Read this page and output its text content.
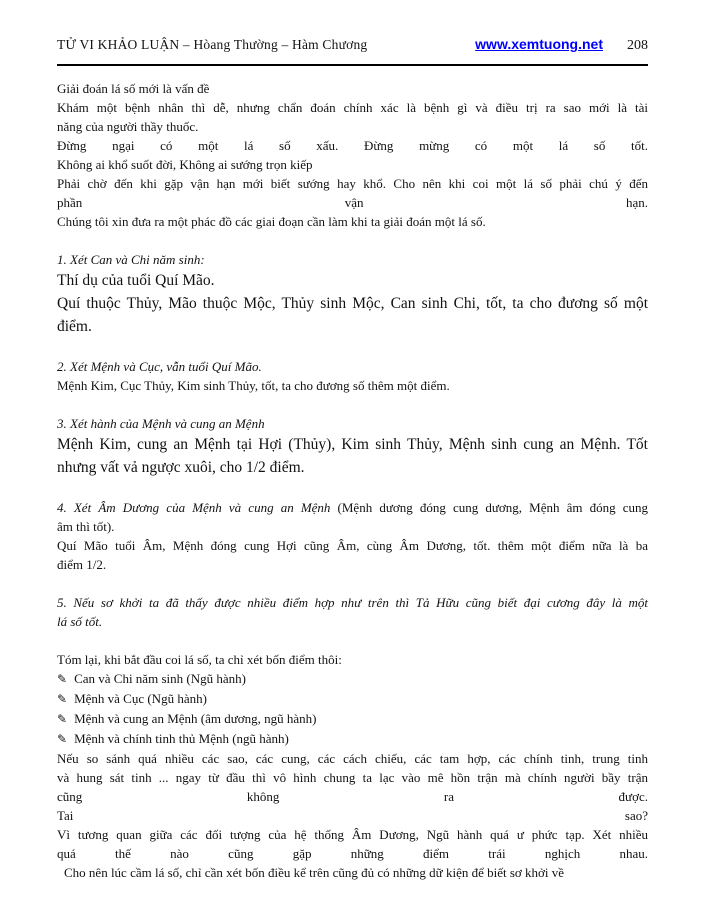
TỬ VI KHẢO LUẬN – Hòang Thường – Hàm Chương	www.xemtuong.net 208
Giải đoán lá số mới là vấn đề
Khám một bệnh nhân thì dễ, nhưng chẩn đoán chính xác là bệnh gì và điều trị ra sao mới là tài
năng của người thầy thuốc.
Đừng ngại có một lá số xấu. Đừng mừng có một lá số tốt.
Không ai khổ suốt đời, Không ai sướng trọn kiếp
Phải chờ đến khi gặp vận hạn mới biết sướng hay khổ. Cho nên khi coi một lá số phải chú ý đến
phần vận hạn.
Chúng tôi xin đưa ra một phác đồ các giai đoạn cần làm khi ta giải đoán một lá số.
1. Xét Can và Chi năm sinh:
Thí dụ của tuổi Quí Mão.
Quí thuộc Thủy, Mão thuộc Mộc, Thủy sinh Mộc, Can sinh Chi, tốt, ta cho đương số một
điểm.
2. Xét Mệnh và Cục, vẫn tuổi Quí Mão.
Mệnh Kim, Cục Thủy, Kim sinh Thủy, tốt, ta cho đương số thêm một điểm.
3. Xét hành của Mệnh và cung an Mệnh
Mệnh Kim, cung an Mệnh tại Hợi (Thủy), Kim sinh Thủy, Mệnh sinh cung an Mệnh. Tốt
nhưng vất vả ngược xuôi, cho 1/2 điểm.
4. Xét Âm Dương của Mệnh và cung an Mệnh (Mệnh dương đóng cung dương, Mệnh âm đóng cung
âm thì tốt).
Quí Mão tuổi Âm, Mệnh đóng cung Hợi cũng Âm, cùng Âm Dương, tốt. thêm một điểm nữa là ba
điểm 1/2.
5. Nếu sơ khởi ta đã thấy được nhiều điểm hợp như trên thì Tả Hữu cũng biết đại cương đây là một
lá số tốt.
Tóm lại, khi bắt đầu coi lá số, ta chỉ xét bốn điểm thôi:
✎ Can và Chi năm sinh (Ngũ hành)
✎ Mệnh và Cục (Ngũ hành)
✎ Mệnh và cung an Mệnh (âm dương, ngũ hành)
✎ Mệnh và chính tinh thủ Mệnh (ngũ hành)
Nếu so sánh quá nhiều các sao, các cung, các cách chiếu, các tam hợp, các chính tinh, trung tinh
và hung sát tinh ... ngay từ đầu thì vô hình chung ta lạc vào mê hồn trận mà chính người bầy trận
cũng không ra được.
Tai sao?
Vì tương quan giữa các đối tượng của hệ thống Âm Dương, Ngũ hành quá ư phức tạp. Xét nhiều
quá thế nào cũng gặp những điểm trái nghịch nhau.
Cho nên lúc cầm lá số, chỉ cần xét bốn điều kể trên cũng đủ có những dữ kiện để biết sơ khởi về
